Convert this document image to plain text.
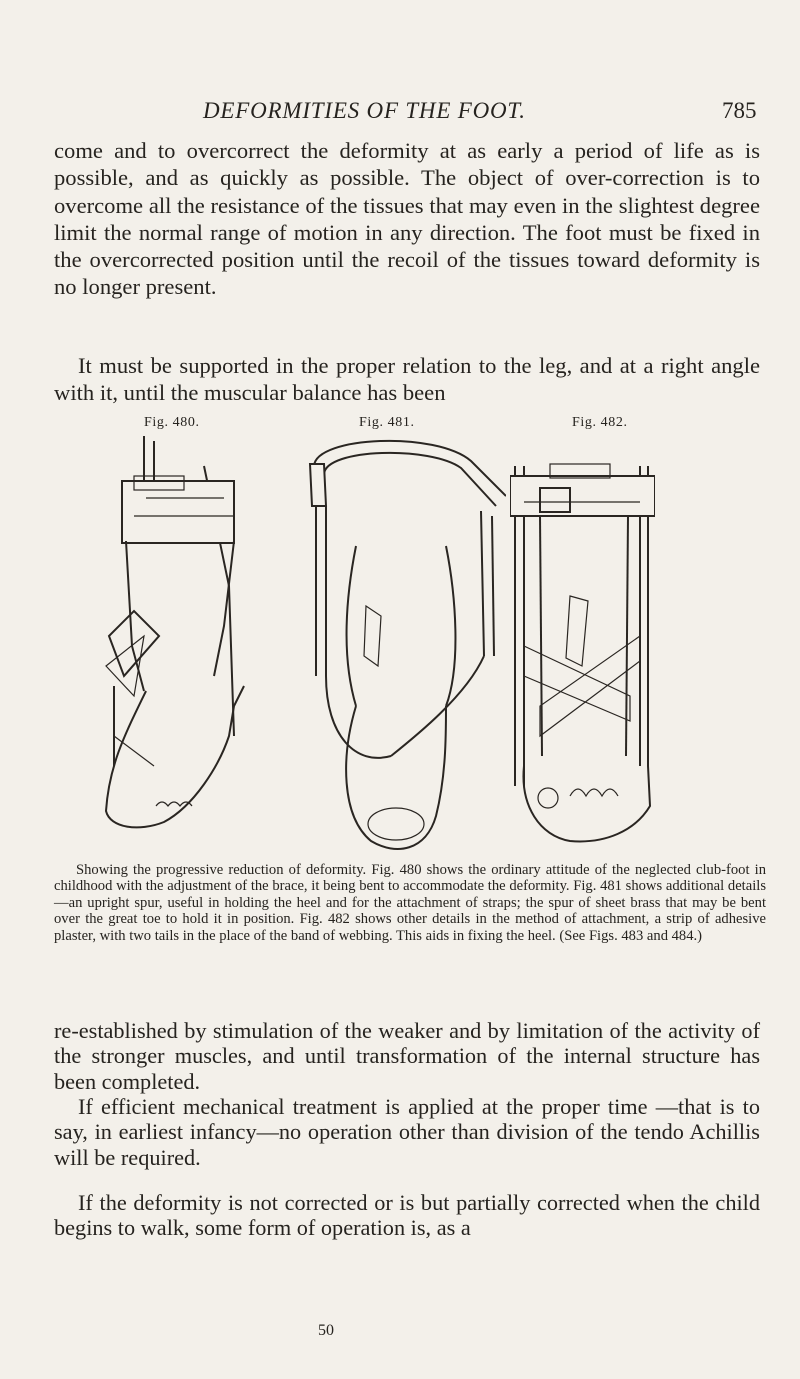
DEFORMITIES OF THE FOOT.	785

come and to overcorrect the deformity at as early a period of life as is possible, and as quickly as possible. The object of over-correction is to overcome all the resistance of the tissues that may even in the slightest degree limit the normal range of motion in any direction. The foot must be fixed in the overcorrected position until the recoil of the tissues toward deformity is no longer present.

It must be supported in the proper relation to the leg, and at a right angle with it, until the muscular balance has been

Fig. 480.	Fig. 481.	Fig. 482.

Showing the progressive reduction of deformity. Fig. 480 shows the ordinary attitude of the neglected club-foot in childhood with the adjustment of the brace, it being bent to accommodate the deformity. Fig. 481 shows additional details—an upright spur, useful in holding the heel and for the attachment of straps; the spur of sheet brass that may be bent over the great toe to hold it in position. Fig. 482 shows other details in the method of attachment, a strip of adhesive plaster, with two tails in the place of the band of webbing. This aids in fixing the heel. (See Figs. 483 and 484.)

re-established by stimulation of the weaker and by limitation of the activity of the stronger muscles, and until transformation of the internal structure has been completed.

If efficient mechanical treatment is applied at the proper time —that is to say, in earliest infancy—no operation other than division of the tendo Achillis will be required.

If the deformity is not corrected or is but partially corrected when the child begins to walk, some form of operation is, as a

50
